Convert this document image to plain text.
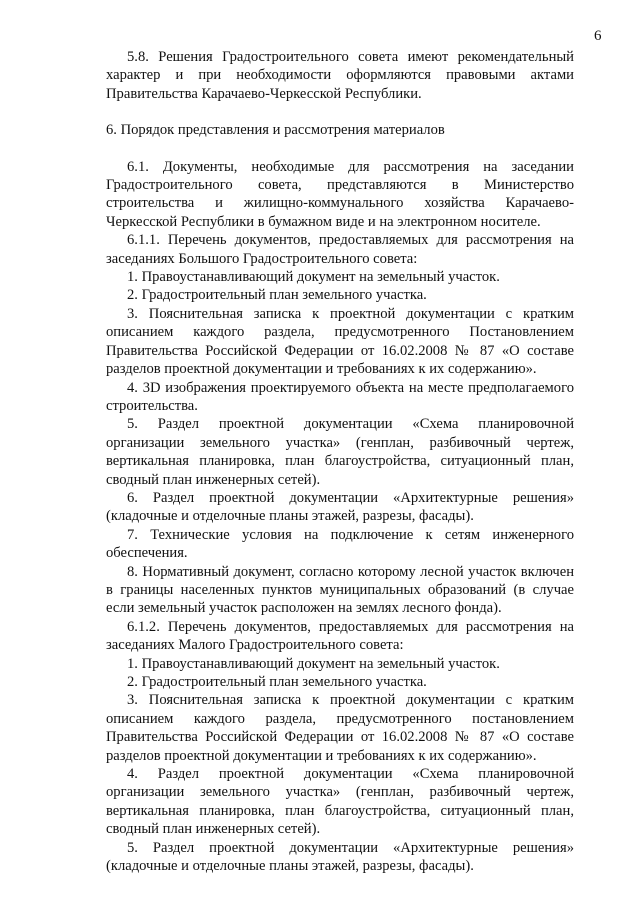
6

5.8. Решения Градостроительного совета имеют рекомендательный характер и при необходимости оформляются правовыми актами Правительства Карачаево-Черкесской Республики.

6. Порядок представления и рассмотрения материалов

6.1. Документы, необходимые для рассмотрения на заседании Градостроительного совета, представляются в Министерство строительства и жилищно-коммунального хозяйства Карачаево-Черкесской Республики в бумажном виде и на электронном носителе.

6.1.1. Перечень документов, предоставляемых для рассмотрения на заседаниях Большого Градостроительного совета:

1. Правоустанавливающий документ на земельный участок.

2. Градостроительный план земельного участка.

3. Пояснительная записка к проектной документации с кратким описанием каждого раздела, предусмотренного Постановлением Правительства Российской Федерации от 16.02.2008 № 87 «О составе разделов проектной документации и требованиях к их содержанию».

4. 3D изображения проектируемого объекта на месте предполагаемого строительства.

5. Раздел проектной документации «Схема планировочной организации земельного участка» (генплан, разбивочный чертеж, вертикальная планировка, план благоустройства, ситуационный план, сводный план инженерных сетей).

6. Раздел проектной документации «Архитектурные решения» (кладочные и отделочные планы этажей, разрезы, фасады).

7. Технические условия на подключение к сетям инженерного обеспечения.

8. Нормативный документ, согласно которому лесной участок включен в границы населенных пунктов муниципальных образований (в случае если земельный участок расположен на землях лесного фонда).

6.1.2. Перечень документов, предоставляемых для рассмотрения на заседаниях Малого Градостроительного совета:

1. Правоустанавливающий документ на земельный участок.

2. Градостроительный план земельного участка.

3. Пояснительная записка к проектной документации с кратким описанием каждого раздела, предусмотренного постановлением Правительства Российской Федерации от 16.02.2008 № 87 «О составе разделов проектной документации и требованиях к их содержанию».

4. Раздел проектной документации «Схема планировочной организации земельного участка» (генплан, разбивочный чертеж, вертикальная планировка, план благоустройства, ситуационный план, сводный план инженерных сетей).

5. Раздел проектной документации «Архитектурные решения» (кладочные и отделочные планы этажей, разрезы, фасады).
